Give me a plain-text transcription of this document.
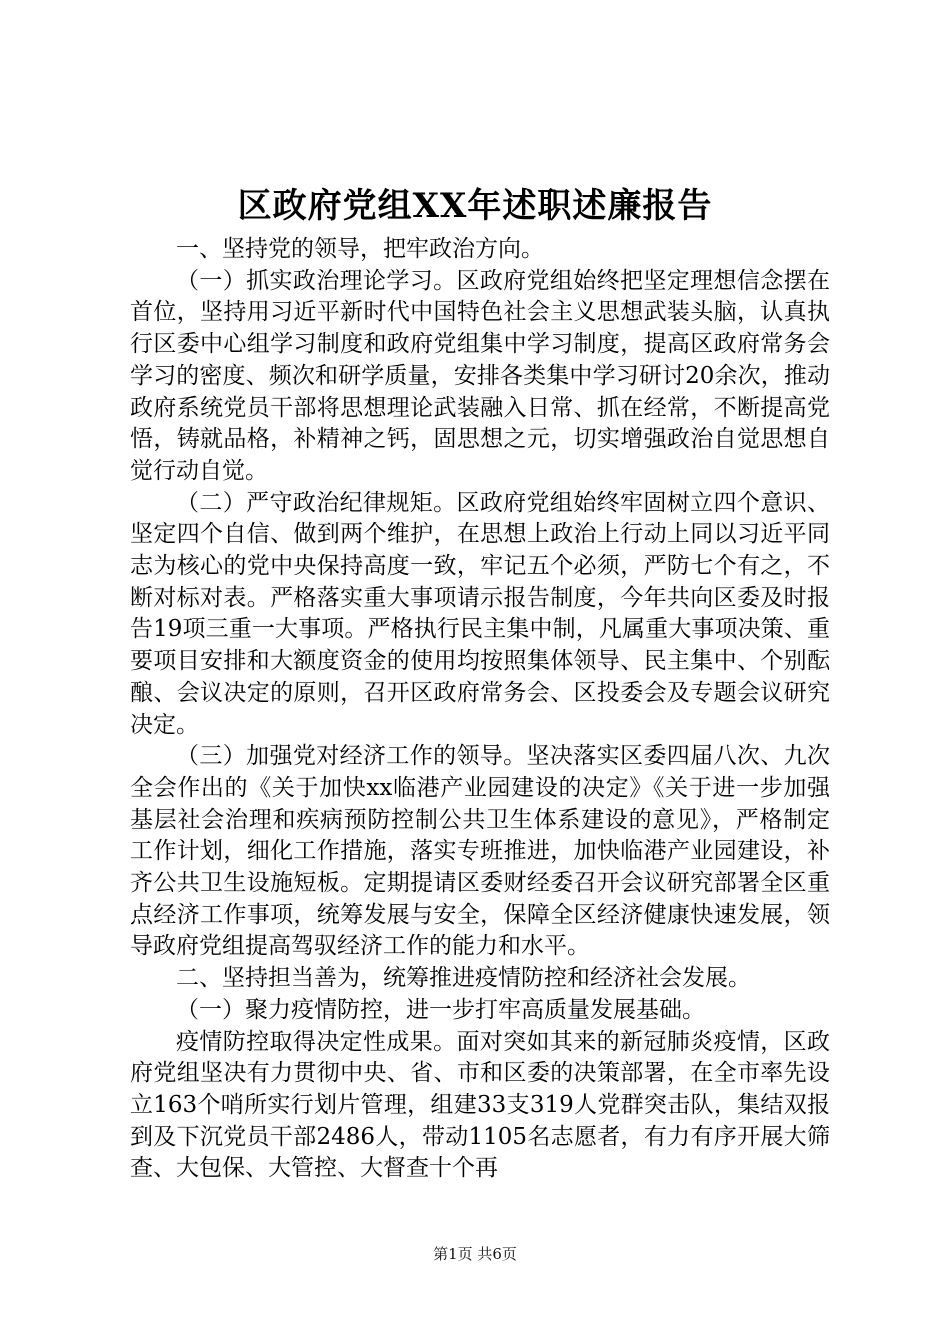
区政府党组XX年述职述廉报告

一、坚持党的领导，把牢政治方向。

（一）抓实政治理论学习。区政府党组始终把坚定理想信念摆在首位，坚持用习近平新时代中国特色社会主义思想武装头脑，认真执行区委中心组学习制度和政府党组集中学习制度，提高区政府常务会学习的密度、频次和研学质量，安排各类集中学习研讨20余次，推动政府系统党员干部将思想理论武装融入日常、抓在经常，不断提高党悟，铸就品格，补精神之钙，固思想之元，切实增强政治自觉思想自觉行动自觉。

（二）严守政治纪律规矩。区政府党组始终牢固树立四个意识、坚定四个自信、做到两个维护，在思想上政治上行动上同以习近平同志为核心的党中央保持高度一致，牢记五个必须，严防七个有之，不断对标对表。严格落实重大事项请示报告制度，今年共向区委及时报告19项三重一大事项。严格执行民主集中制，凡属重大事项决策、重要项目安排和大额度资金的使用均按照集体领导、民主集中、个别酝酿、会议决定的原则，召开区政府常务会、区投委会及专题会议研究决定。

（三）加强党对经济工作的领导。坚决落实区委四届八次、九次全会作出的《关于加快xx临港产业园建设的决定》《关于进一步加强基层社会治理和疾病预防控制公共卫生体系建设的意见》，严格制定工作计划，细化工作措施，落实专班推进，加快临港产业园建设，补齐公共卫生设施短板。定期提请区委财经委召开会议研究部署全区重点经济工作事项，统筹发展与安全，保障全区经济健康快速发展，领导政府党组提高驾驭经济工作的能力和水平。

二、坚持担当善为，统筹推进疫情防控和经济社会发展。

（一）聚力疫情防控，进一步打牢高质量发展基础。

疫情防控取得决定性成果。面对突如其来的新冠肺炎疫情，区政府党组坚决有力贯彻中央、省、市和区委的决策部署，在全市率先设立163个哨所实行划片管理，组建33支319人党群突击队，集结双报到及下沉党员干部2486人，带动1105名志愿者，有力有序开展大筛查、大包保、大管控、大督查十个再

第1页 共6页
